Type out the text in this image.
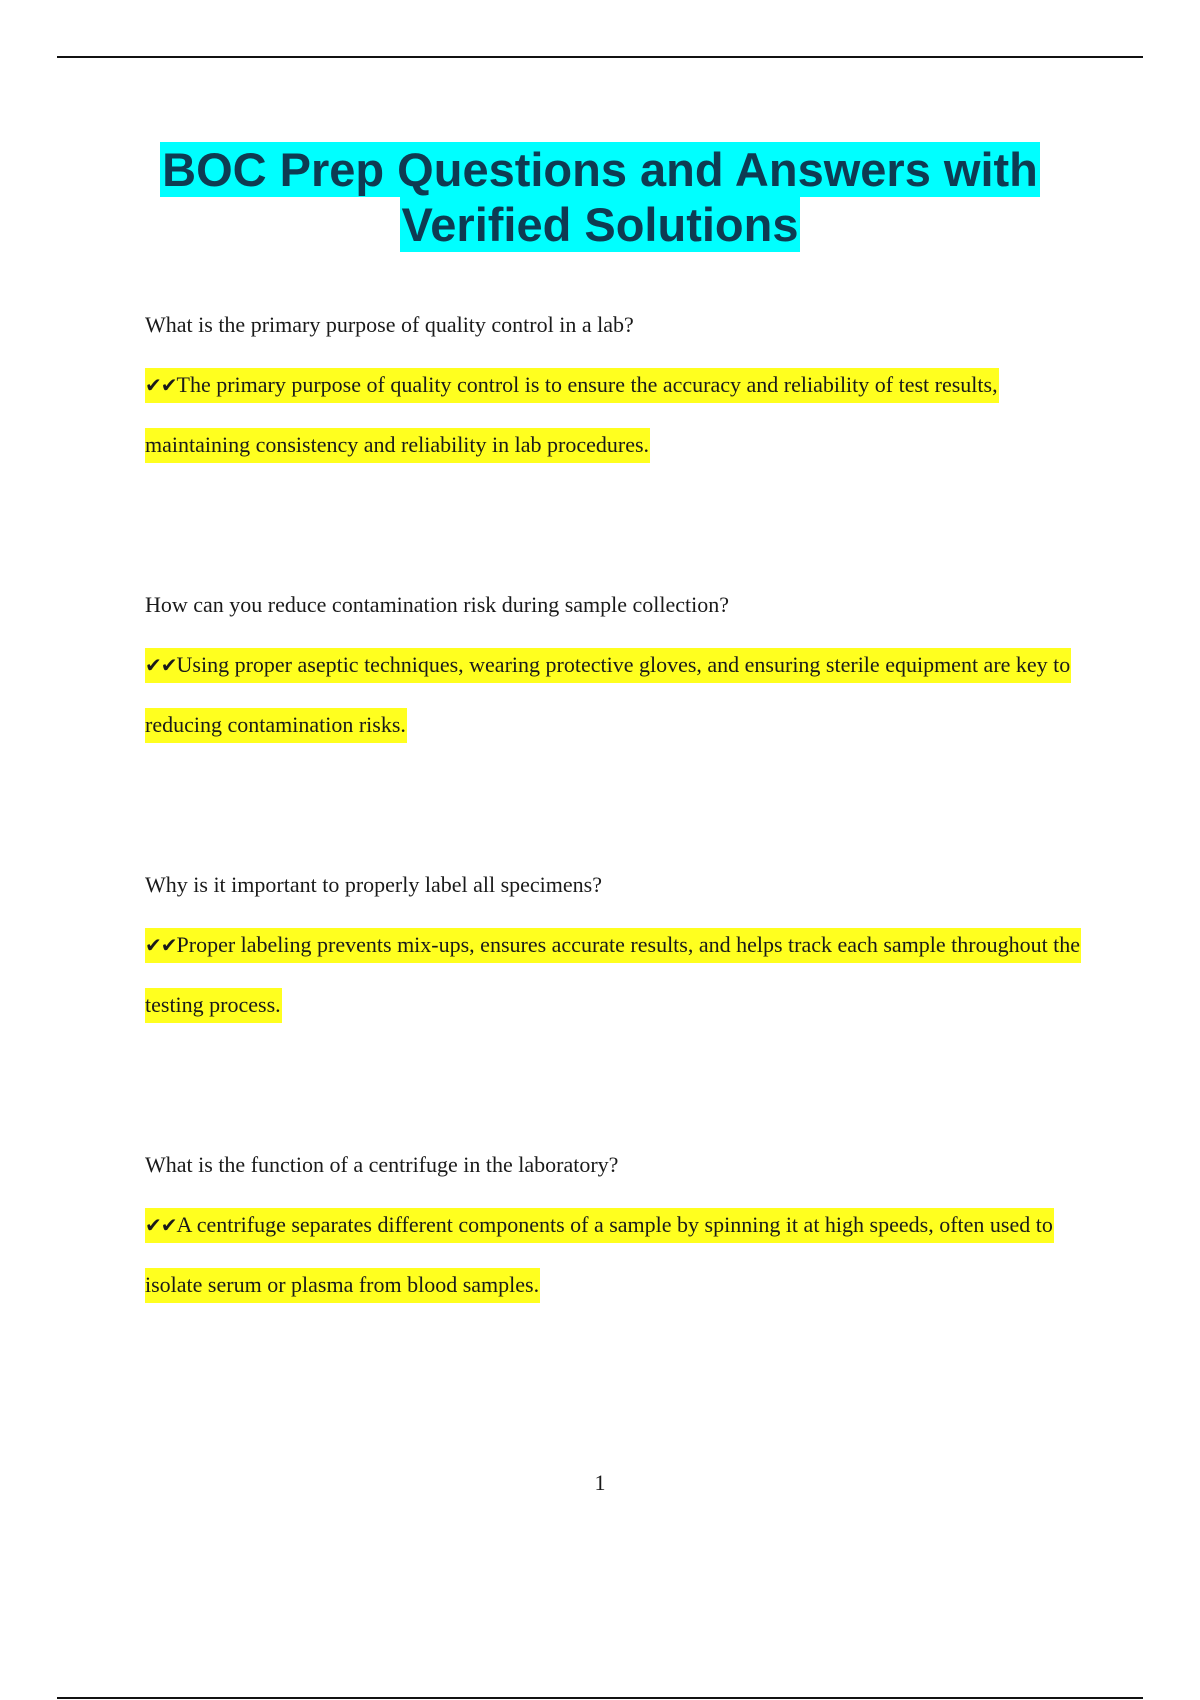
BOC Prep Questions and Answers with
Verified Solutions

What is the primary purpose of quality control in a lab?

✔✔The primary purpose of quality control is to ensure the accuracy and reliability of test results, maintaining consistency and reliability in lab procedures.

How can you reduce contamination risk during sample collection?

✔✔Using proper aseptic techniques, wearing protective gloves, and ensuring sterile equipment are key to reducing contamination risks.

Why is it important to properly label all specimens?

✔✔Proper labeling prevents mix-ups, ensures accurate results, and helps track each sample throughout the testing process.

What is the function of a centrifuge in the laboratory?

✔✔A centrifuge separates different components of a sample by spinning it at high speeds, often used to isolate serum or plasma from blood samples.

1
